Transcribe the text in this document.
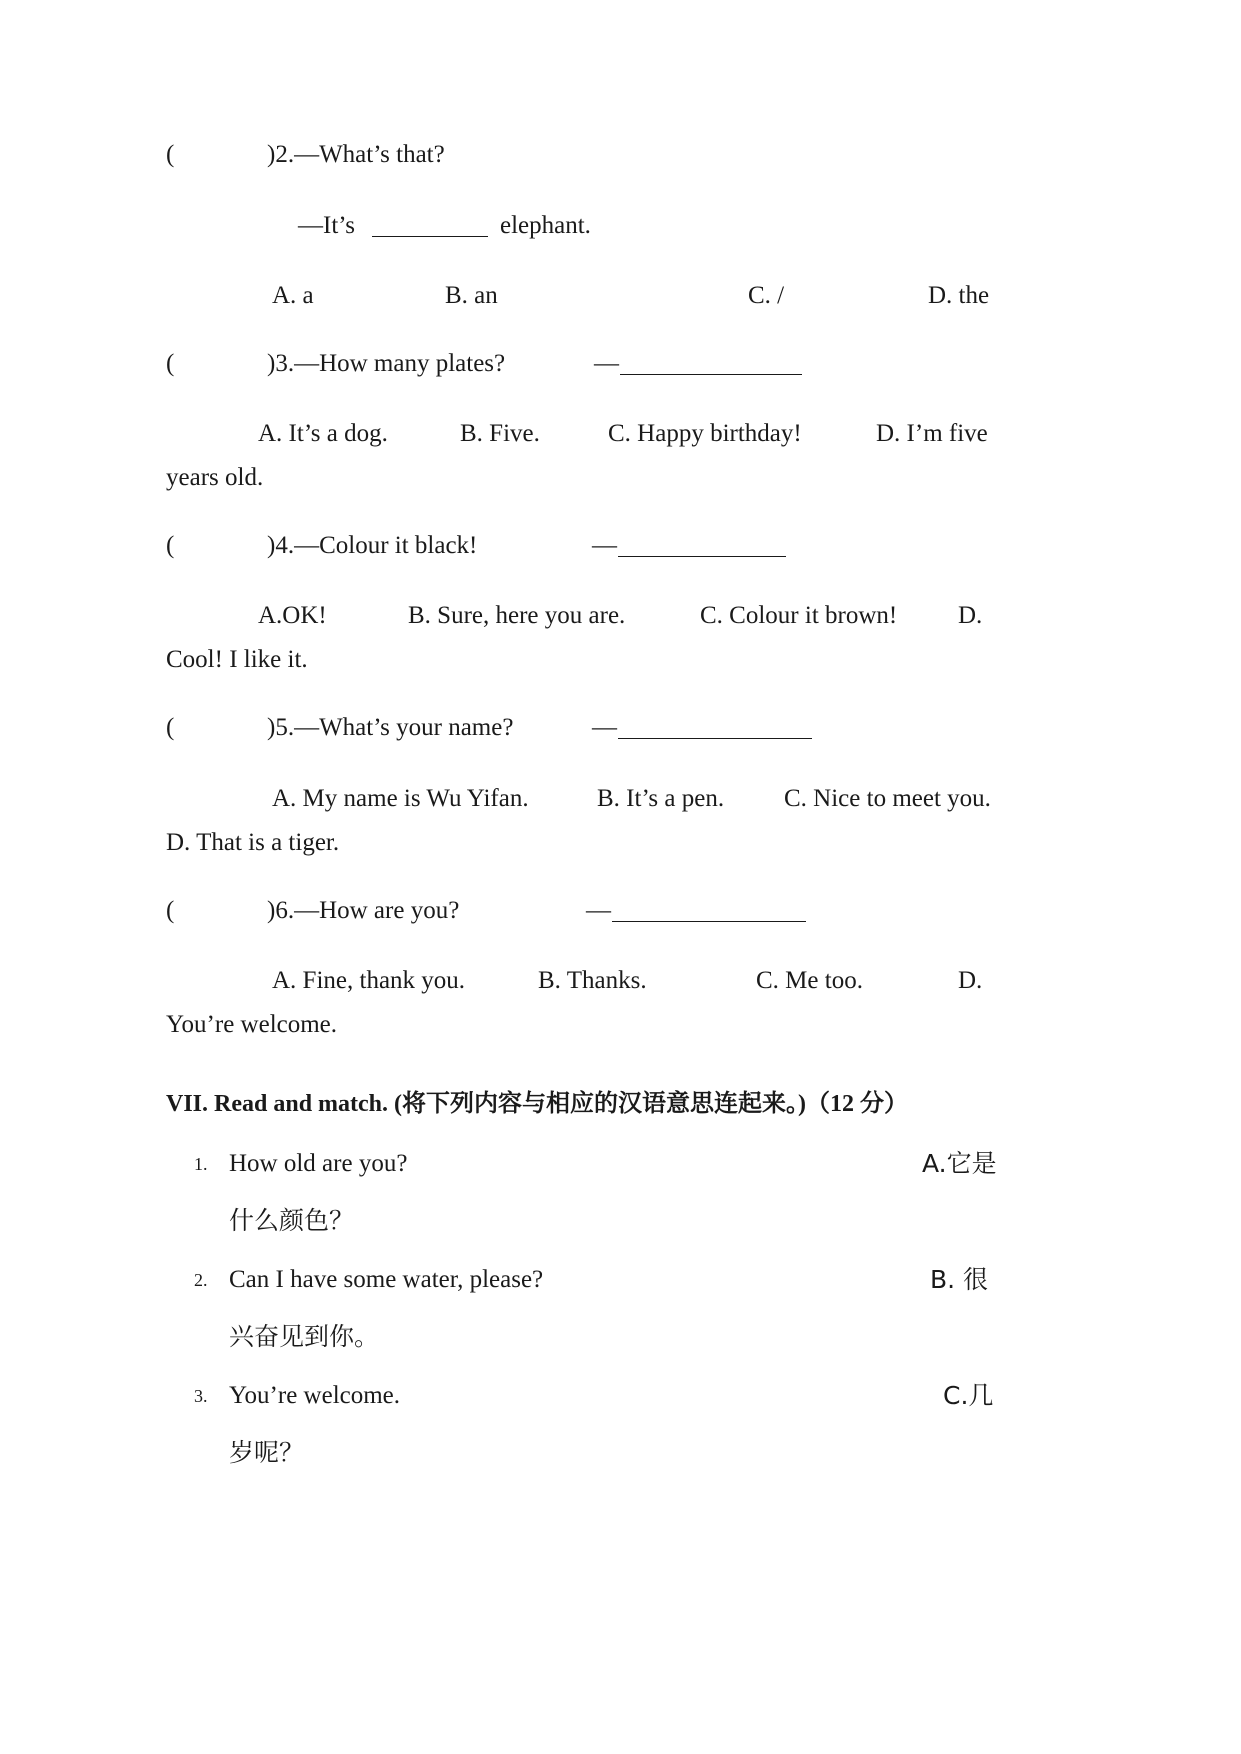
(	)2.—What’s that?
—It’s	elephant.
A. a	B. an	C. /	D. the
(	)3.—How many plates?	—
A. It’s a dog.	B. Five.	C. Happy birthday!	D. I’m five
years old.
(	)4.—Colour it black!	—
A.OK!	B. Sure, here you are.	C. Colour it brown! D.
Cool! I like it.
(	)5.—What’s your name?	—
A. My name is Wu Yifan.	B. It’s a pen. C. Nice to meet you.
D. That is a tiger.
(	)6.—How are you?	—
A. Fine, thank you.	B. Thanks.	C. Me too.	D.
You’re welcome.
VII. Read and match. (将下列内容与相应的汉语意思连起来。)（12 分）
1. How old are you?	A.它是
什么颜色？
2. Can I have some water, please?	B. 很
兴奋见到你。
3. You’re welcome.	C.几
岁呢？
